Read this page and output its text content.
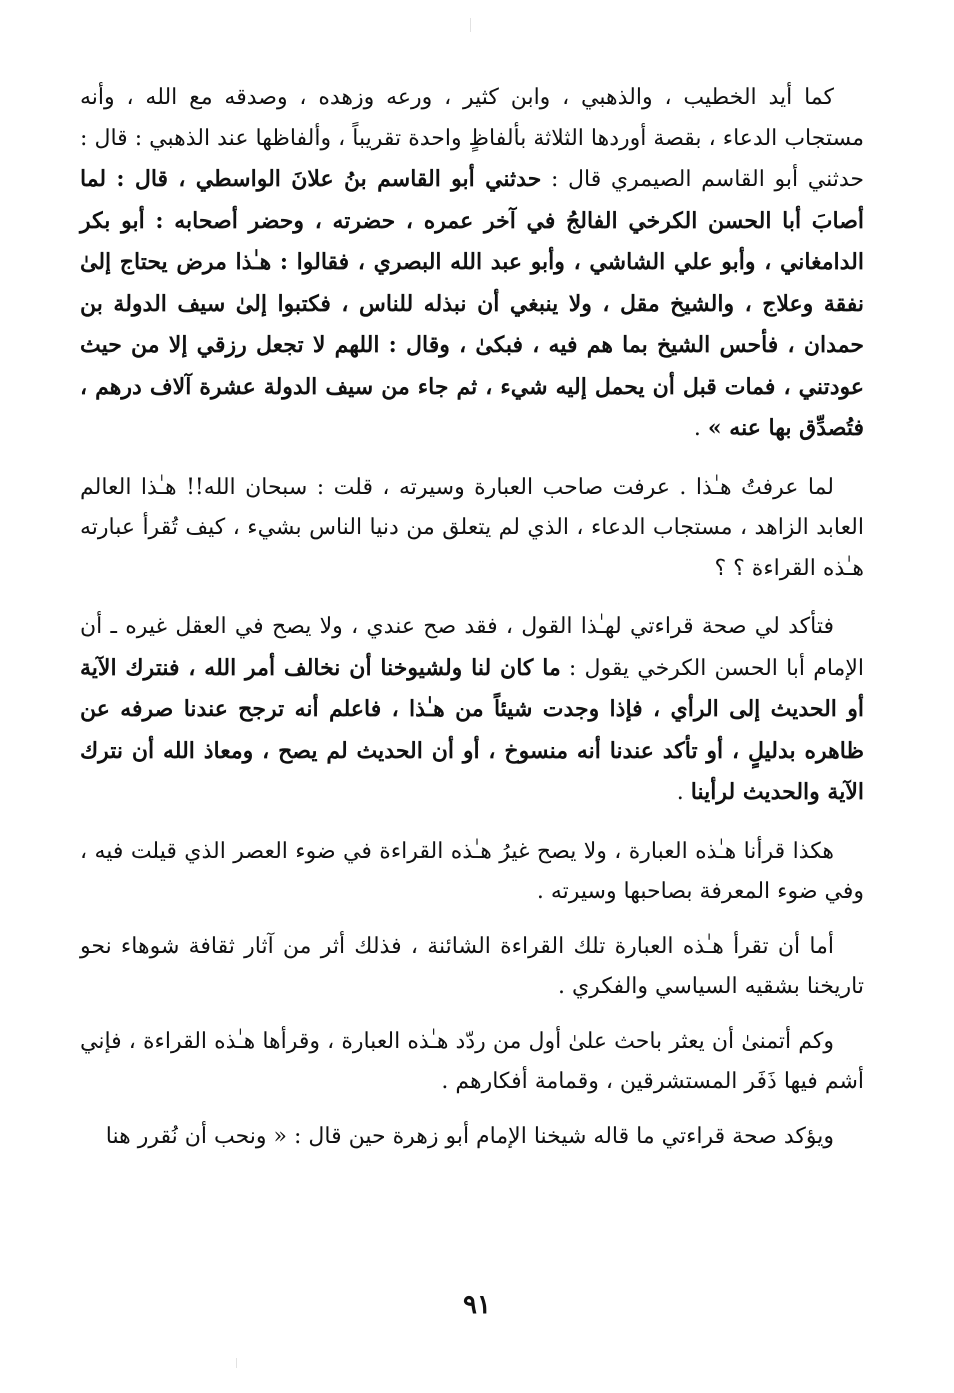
كما أيد الخطيب ، والذهبي ، وابن كثير ، ورعه وزهده ، وصدقه مع الله ، وأنه مستجاب الدعاء ، بقصة أوردها الثلاثة بألفاظٍ واحدة تقريباً ، وألفاظها عند الذهبي : قال : حدثني أبو القاسم الصيمري قال : حدثني أبو القاسم بنُ علانَ الواسطي ، قال : لما أصابَ أبا الحسن الكرخي الفالجُ في آخر عمره ، حضرته ، وحضر أصحابه : أبو بكر الدامغاني ، وأبو علي الشاشي ، وأبو عبد الله البصري ، فقالوا : هـٰذا مرض يحتاج إلىٰ نفقة وعلاج ، والشيخ مقل ، ولا ينبغي أن نبذله للناس ، فكتبوا إلىٰ سيف الدولة بن حمدان ، فأحس الشيخ بما هم فيه ، فبكىٰ ، وقال : اللهم لا تجعل رزقي إلا من حيث عودتني ، فمات قبل أن يحمل إليه شيء ، ثم جاء من سيف الدولة عشرة آلاف درهم ، فتُصدِّق بها عنه » .

لما عرفتُ هـٰذا . عرفت صاحب العبارة وسيرته ، قلت : سبحان الله!! هـٰذا العالم العابد الزاهد ، مستجاب الدعاء ، الذي لم يتعلق من دنيا الناس بشيء ، كيف تُقرأ عبارته هـٰذه القراءة ؟ ؟

فتأكد لي صحة قراءتي لهـٰذا القول ، فقد صح عندي ، ولا يصح في العقل غيره ـ أن الإمام أبا الحسن الكرخي يقول : ما كان لنا ولشيوخنا أن نخالف أمر الله ، فنترك الآية أو الحديث إلى الرأي ، فإذا وجدت شيئاً من هـٰذا ، فاعلم أنه ترجح عندنا صرفه عن ظاهره بدليلٍ ، أو تأكد عندنا أنه منسوخ ، أو أن الحديث لم يصح ، ومعاذ الله أن نترك الآية والحديث لرأينا .

هكذا قرأنا هـٰذه العبارة ، ولا يصح غيرُ هـٰذه القراءة في ضوء العصر الذي قيلت فيه ، وفي ضوء المعرفة بصاحبها وسيرته .

أما أن تقرأ هـٰذه العبارة تلك القراءة الشائنة ، فذلك أثر من آثار ثقافة شوهاء نحو تاريخنا بشقيه السياسي والفكري .

وكم أتمنىٰ أن يعثر باحث علىٰ أول من ردّد هـٰذه العبارة ، وقرأها هـٰذه القراءة ، فإني أشم فيها ذَفَر المستشرقين ، وقمامة أفكارهم .

ويؤكد صحة قراءتي ما قاله شيخنا الإمام أبو زهرة حين قال : « ونحب أن نُقرر هنا

٩١
